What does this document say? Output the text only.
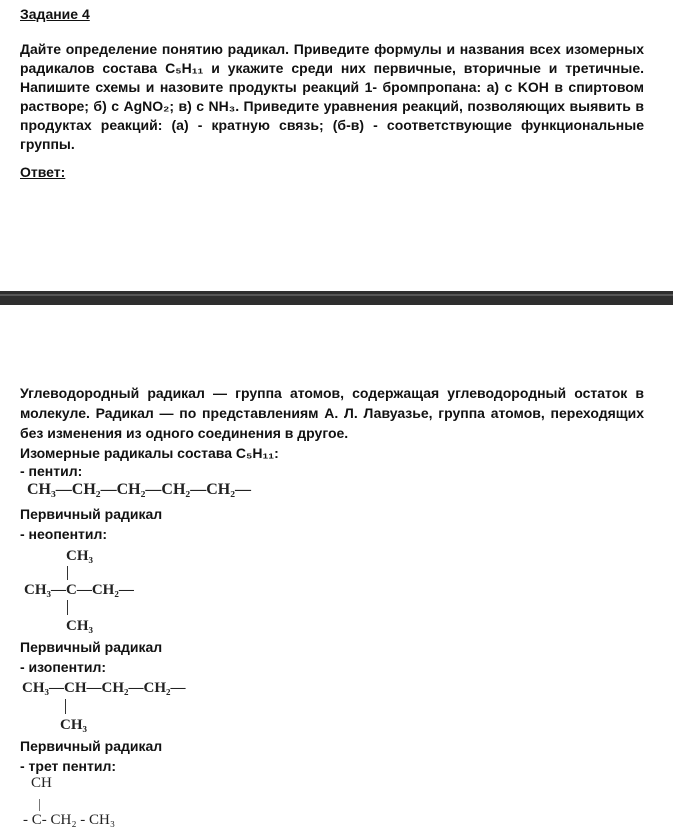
Задание 4

Дайте определение понятию радикал. Приведите формулы и названия всех изомерных радикалов состава C₅H₁₁ и укажите среди них первичные, вторичные и третичные. Напишите схемы и назовите продукты реакций 1- бромпропана: а) с KOH в спиртовом растворе; б) с AgNO₂; в) с NH₃. Приведите уравнения реакций, позволяющих выявить в продуктах реакций: (а) - кратную связь; (б-в) - соответствующие функциональные группы.

Ответ:

Углеводородный радикал — группа атомов, содержащая углеводородный остаток в молекуле. Радикал — по представлениям А. Л. Лавуазье, группа атомов, переходящих без изменения из одного соединения в другое.

Изомерные радикалы состава C₅H₁₁:

- пентил:
CH₃—CH₂—CH₂—CH₂—CH₂—
Первичный радикал
- неопентил:
CH₃
CH₃—C—CH₂—
CH₃
Первичный радикал
- изопентил:
CH₃—CH—CH₂—CH₂—
CH₃
Первичный радикал
- трет пентил:
CH
- C- CH₂ - CH₃
